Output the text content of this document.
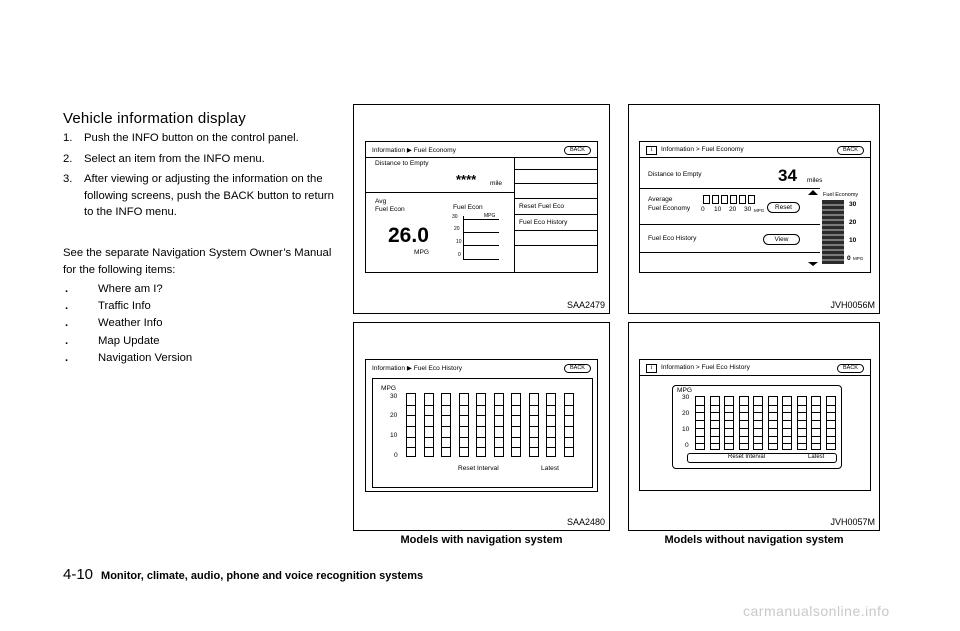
Vehicle information display
1. Push the INFO button on the control panel.
2. Select an item from the INFO menu.
3. After viewing or adjusting the information on the following screens, push the BACK button to return to the INFO menu.
See the separate Navigation System Owner’s Manual for the following items:
.	Where am I?
.	Traffic Info
.	Weather Info
.	Map Update
.	Navigation Version
Information ▶ Fuel Economy	BACK
Distance to Empty
**** mile
Avg
Fuel Econ
26.0
MPG
Fuel Econ
MPG
30
20
10
0
Reset Fuel Eco
Fuel Eco History
SAA2479
i	Information > Fuel Economy	BACK
Distance to Empty	34 miles
Average
Fuel Economy 0 10 20 30 MPG	Reset
Fuel Eco History	View
Fuel Economy
30
20
10
0 MPG
JVH0056M
Information ▶ Fuel Eco History	BACK
MPG
30
20
10
0
Reset Interval	Latest
SAA2480
Models with navigation system
i	Information > Fuel Eco History	BACK
MPG
30
20
10
0
Reset Interval	Latest
JVH0057M
Models without navigation system
4-10 Monitor, climate, audio, phone and voice recognition systems
carmanualsonline.info
